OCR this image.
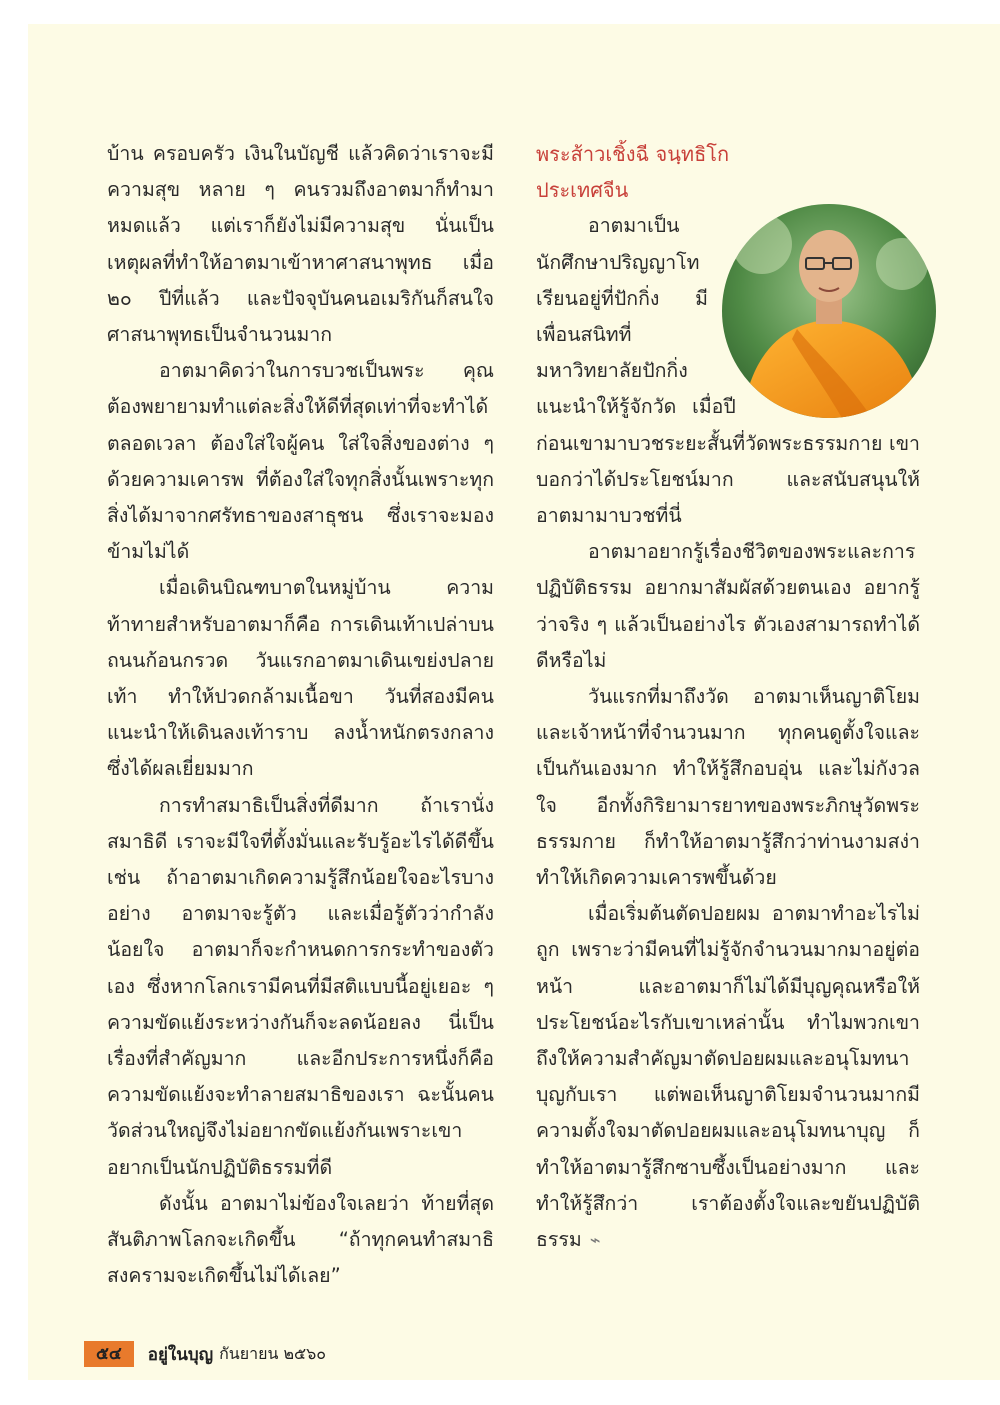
บ้าน ครอบครัว เงินในบัญชี แล้วคิดว่าเราจะมีความสุข หลาย ๆ คนรวมถึงอาตมาก็ทำมาหมดแล้ว แต่เราก็ยังไม่มีความสุข นั่นเป็นเหตุผลที่ทำให้อาตมาเข้าหาศาสนาพุทธ เมื่อ ๒๐ ปีที่แล้ว และปัจจุบันคนอเมริกันก็สนใจศาสนาพุทธเป็นจำนวนมาก

อาตมาคิดว่าในการบวชเป็นพระ คุณต้องพยายามทำแต่ละสิ่งให้ดีที่สุดเท่าที่จะทำได้ตลอดเวลา ต้องใส่ใจผู้คน ใส่ใจสิ่งของต่าง ๆ ด้วยความเคารพ ที่ต้องใส่ใจทุกสิ่งนั้นเพราะทุกสิ่งได้มาจากศรัทธาของสาธุชน ซึ่งเราจะมองข้ามไม่ได้

เมื่อเดินบิณฑบาตในหมู่บ้าน ความท้าทายสำหรับอาตมาก็คือ การเดินเท้าเปล่าบนถนนก้อนกรวด วันแรกอาตมาเดินเขย่งปลายเท้า ทำให้ปวดกล้ามเนื้อขา วันที่สองมีคนแนะนำให้เดินลงเท้าราบ ลงน้ำหนักตรงกลาง ซึ่งได้ผลเยี่ยมมาก

การทำสมาธิเป็นสิ่งที่ดีมาก ถ้าเรานั่งสมาธิดี เราจะมีใจที่ตั้งมั่นและรับรู้อะไรได้ดีขึ้น เช่น ถ้าอาตมาเกิดความรู้สึกน้อยใจอะไรบางอย่าง อาตมาจะรู้ตัว และเมื่อรู้ตัวว่ากำลังน้อยใจ อาตมาก็จะกำหนดการกระทำของตัวเอง ซึ่งหากโลกเรามีคนที่มีสติแบบนี้อยู่เยอะ ๆ ความขัดแย้งระหว่างกันก็จะลดน้อยลง นี่เป็นเรื่องที่สำคัญมาก และอีกประการหนึ่งก็คือ ความขัดแย้งจะทำลายสมาธิของเรา ฉะนั้นคนวัดส่วนใหญ่จึงไม่อยากขัดแย้งกันเพราะเขาอยากเป็นนักปฏิบัติธรรมที่ดี

ดังนั้น อาตมาไม่ข้องใจเลยว่า ท้ายที่สุดสันติภาพโลกจะเกิดขึ้น “ถ้าทุกคนทำสมาธิสงครามจะเกิดขึ้นไม่ได้เลย”

พระส้าวเชิ้งฉี จนฺทธิโก

ประเทศจีน

อาตมาเป็นนักศึกษาปริญญาโท เรียนอยู่ที่ปักกิ่ง มีเพื่อนสนิทที่มหาวิทยาลัยปักกิ่งแนะนำให้รู้จักวัด เมื่อปีก่อนเขามาบวชระยะสั้นที่วัดพระธรรมกาย เขาบอกว่าได้ประโยชน์มาก และสนับสนุนให้อาตมามาบวชที่นี่

อาตมาอยากรู้เรื่องชีวิตของพระและการปฏิบัติธรรม อยากมาสัมผัสด้วยตนเอง อยากรู้ว่าจริง ๆ แล้วเป็นอย่างไร ตัวเองสามารถทำได้ดีหรือไม่

วันแรกที่มาถึงวัด อาตมาเห็นญาติโยมและเจ้าหน้าที่จำนวนมาก ทุกคนดูตั้งใจและเป็นกันเองมาก ทำให้รู้สึกอบอุ่น และไม่กังวลใจ อีกทั้งกิริยามารยาทของพระภิกษุวัดพระธรรมกาย ก็ทำให้อาตมารู้สึกว่าท่านงามสง่า ทำให้เกิดความเคารพขึ้นด้วย

เมื่อเริ่มต้นตัดปอยผม อาตมาทำอะไรไม่ถูก เพราะว่ามีคนที่ไม่รู้จักจำนวนมากมาอยู่ต่อหน้า และอาตมาก็ไม่ได้มีบุญคุณหรือให้ประโยชน์อะไรกับเขาเหล่านั้น ทำไมพวกเขาถึงให้ความสำคัญมาตัดปอยผมและอนุโมทนาบุญกับเรา แต่พอเห็นญาติโยมจำนวนมากมีความตั้งใจมาตัดปอยผมและอนุโมทนาบุญ ก็ทำให้อาตมารู้สึกซาบซึ้งเป็นอย่างมาก และทำให้รู้สึกว่า เราต้องตั้งใจและขยันปฏิบัติธรรม ⌁

๕๔	อยู่ในบุญ กันยายน ๒๕๖๐
